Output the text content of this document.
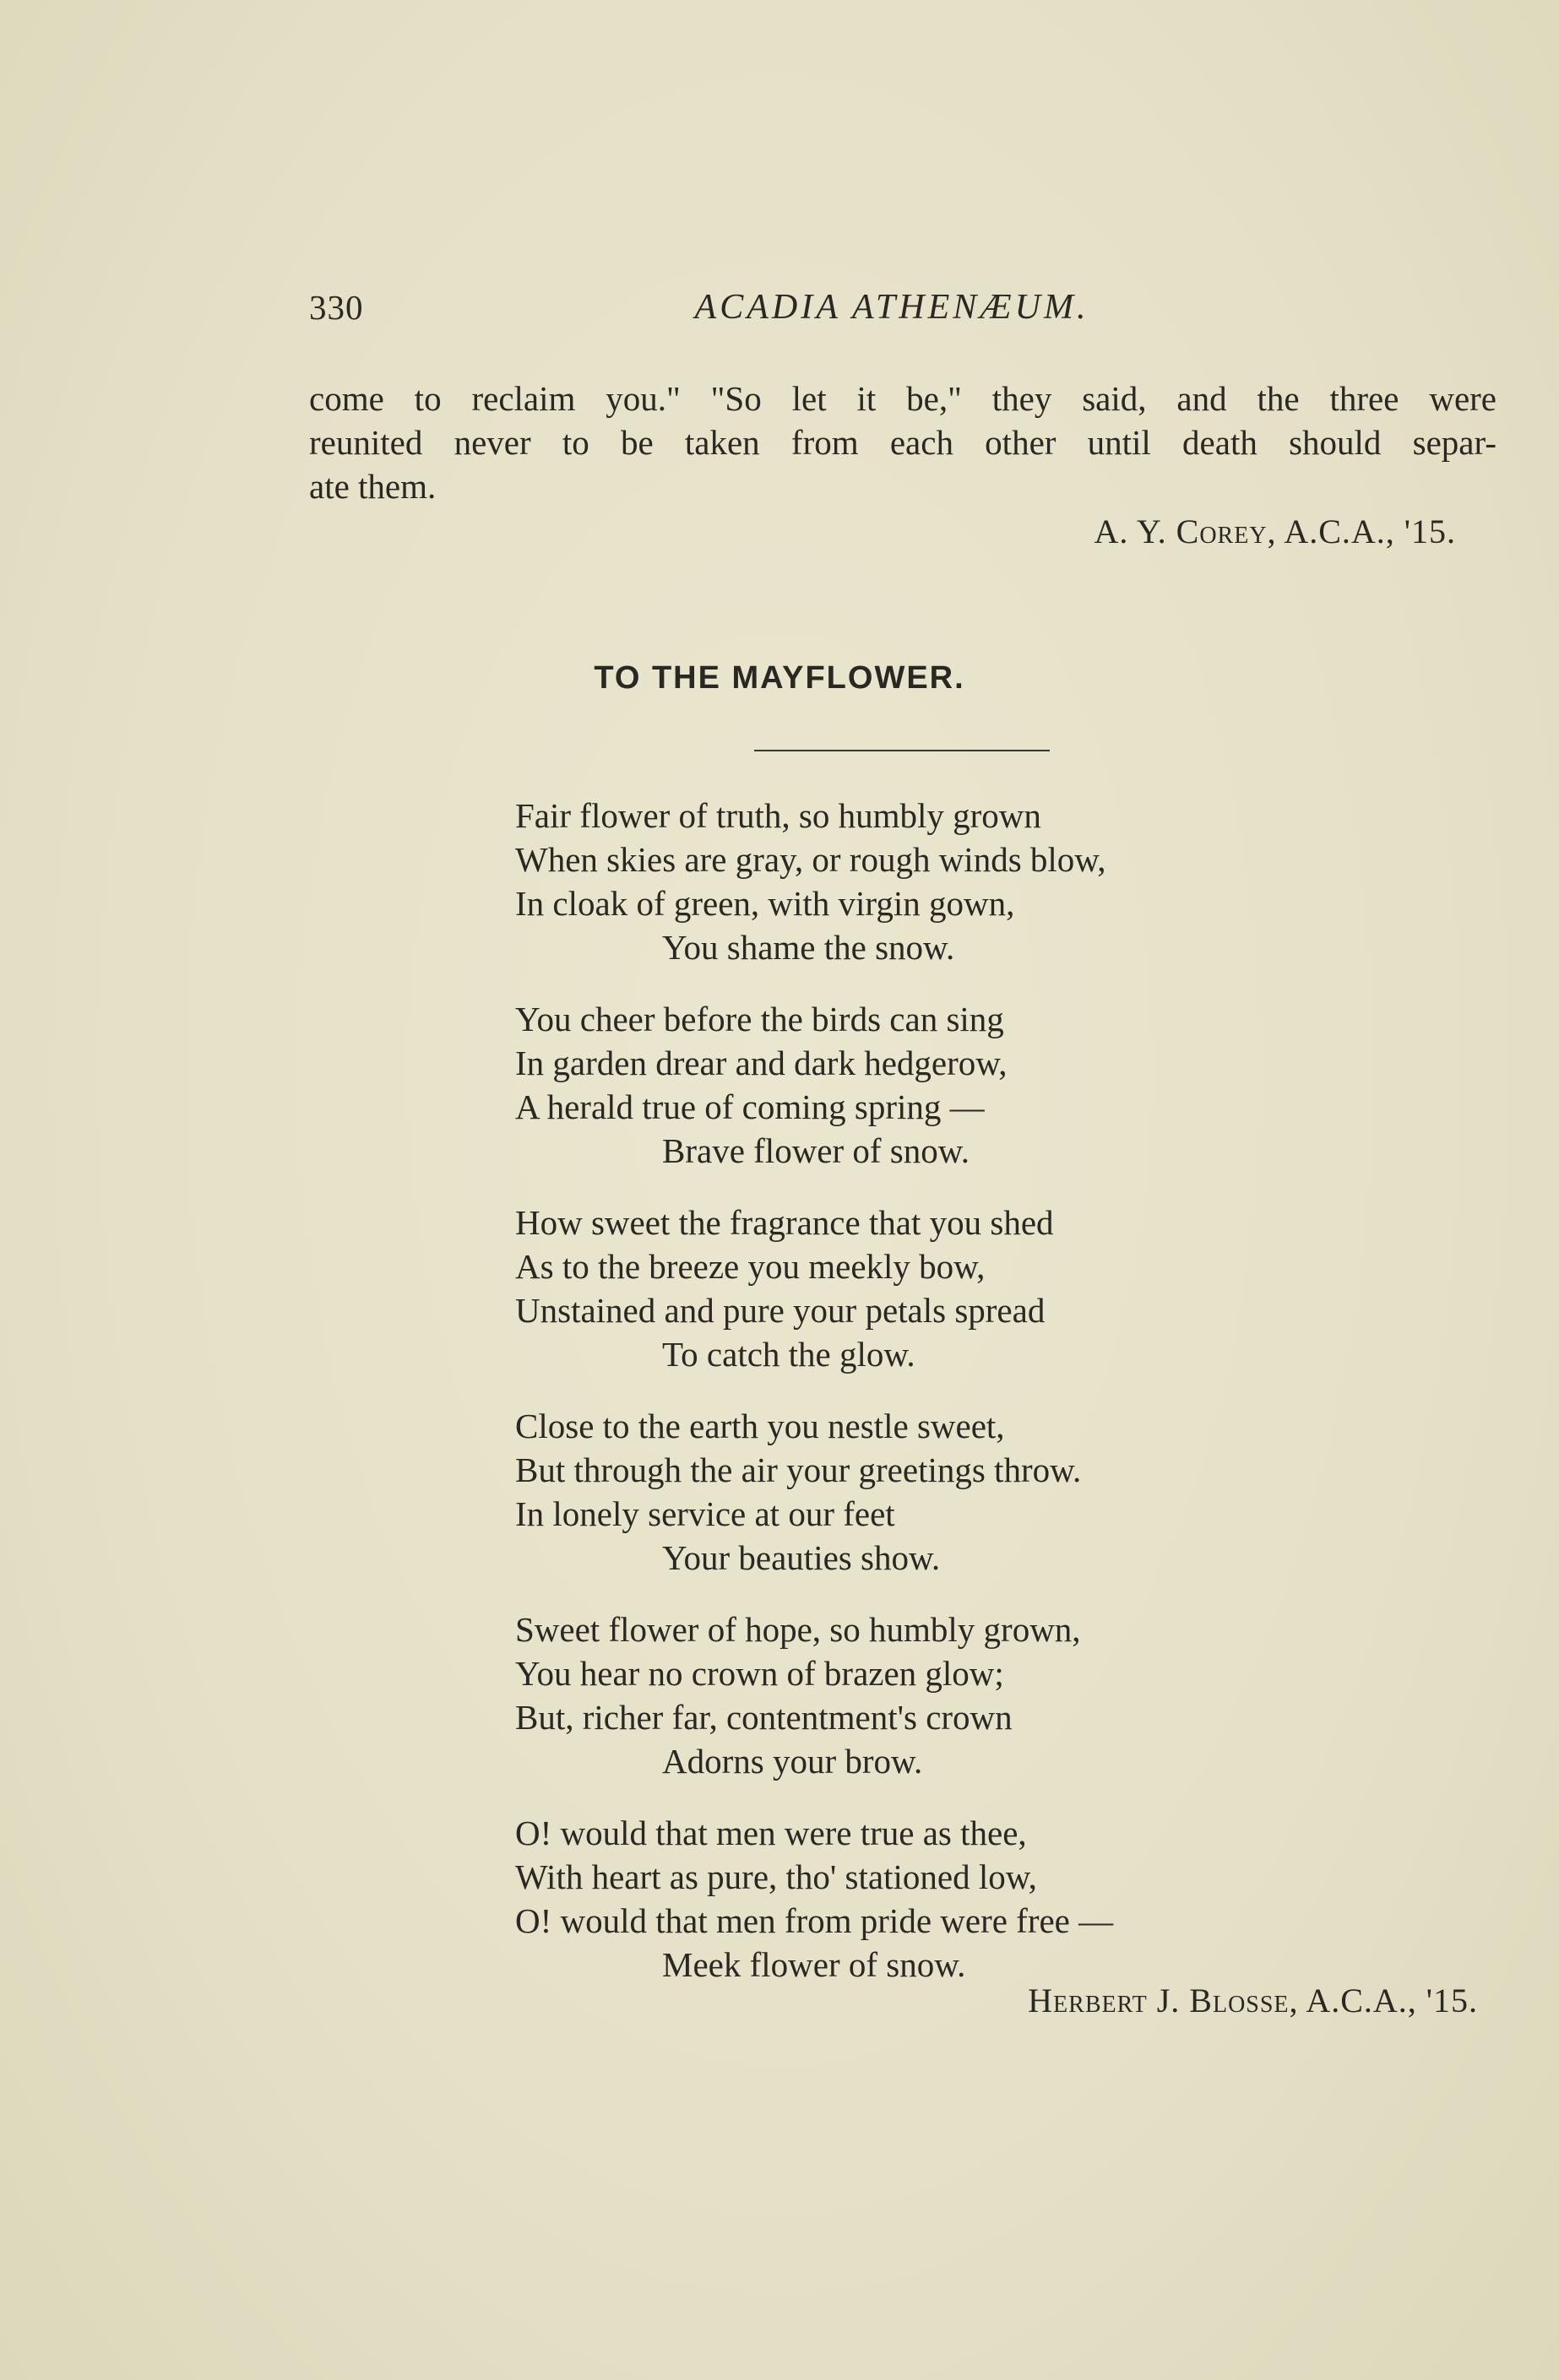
330	ACADIA ATHENÆUM.
come to reclaim you." "So let it be," they said, and the three were
reunited never to be taken from each other until death should separ-
ate them.
A. Y. Corey, A.C.A., '15.
TO THE MAYFLOWER.
Fair flower of truth, so humbly grown
When skies are gray, or rough winds blow,
In cloak of green, with virgin gown,
You shame the snow.
You cheer before the birds can sing
In garden drear and dark hedgerow,
A herald true of coming spring —
Brave flower of snow.
How sweet the fragrance that you shed
As to the breeze you meekly bow,
Unstained and pure your petals spread
To catch the glow.
Close to the earth you nestle sweet,
But through the air your greetings throw.
In lonely service at our feet
Your beauties show.
Sweet flower of hope, so humbly grown,
You hear no crown of brazen glow;
But, richer far, contentment's crown
Adorns your brow.
O! would that men were true as thee,
With heart as pure, tho' stationed low,
O! would that men from pride were free —
Meek flower of snow.
Herbert J. Blosse, A.C.A., '15.
